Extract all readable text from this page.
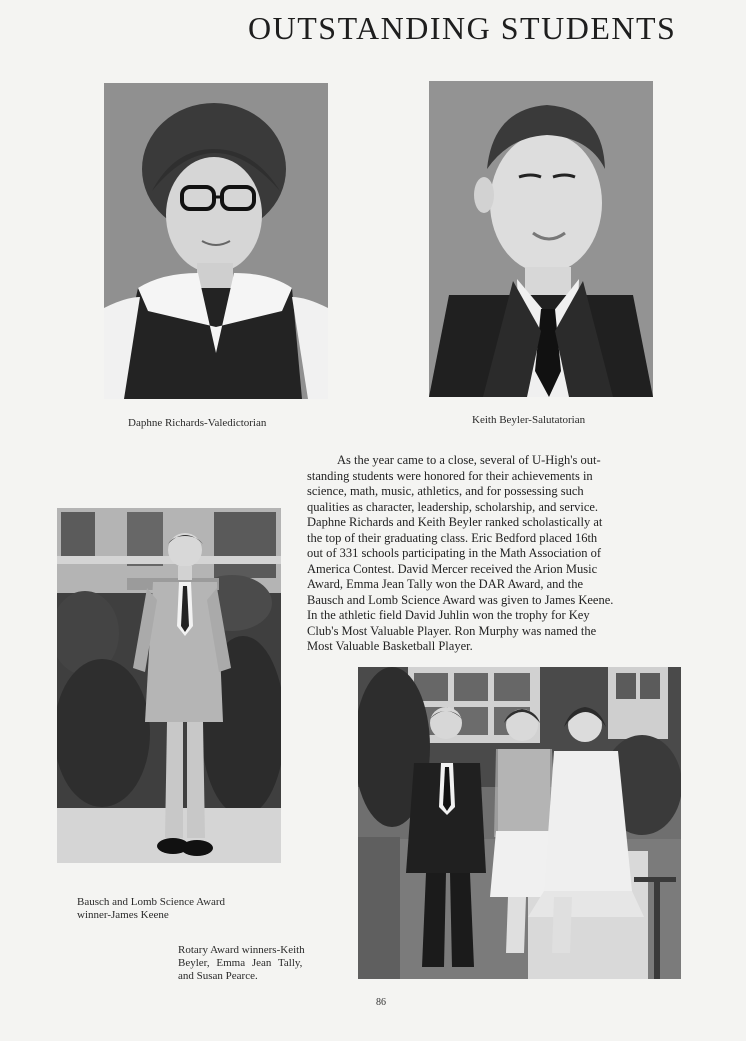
OUTSTANDING STUDENTS
Daphne Richards-Valedictorian	Keith Beyler-Salutatorian
As the year came to a close, several of U-High's out-
standing students were honored for their achievements in
science, math, music, athletics, and for possessing such
qualities as character, leadership, scholarship, and service.
Daphne Richards and Keith Beyler ranked scholastically at
the top of their graduating class. Eric Bedford placed 16th
out of 331 schools participating in the Math Association of
America Contest. David Mercer received the Arion Music
Award, Emma Jean Tally won the DAR Award, and the
Bausch and Lomb Science Award was given to James Keene.
In the athletic field David Juhlin won the trophy for Key
Club's Most Valuable Player. Ron Murphy was named the
Most Valuable Basketball Player.
Bausch and Lomb Science Award
winner-James Keene
Rotary Award winners-Keith
Beyler, Emma Jean Tally,
and Susan Pearce.
86
